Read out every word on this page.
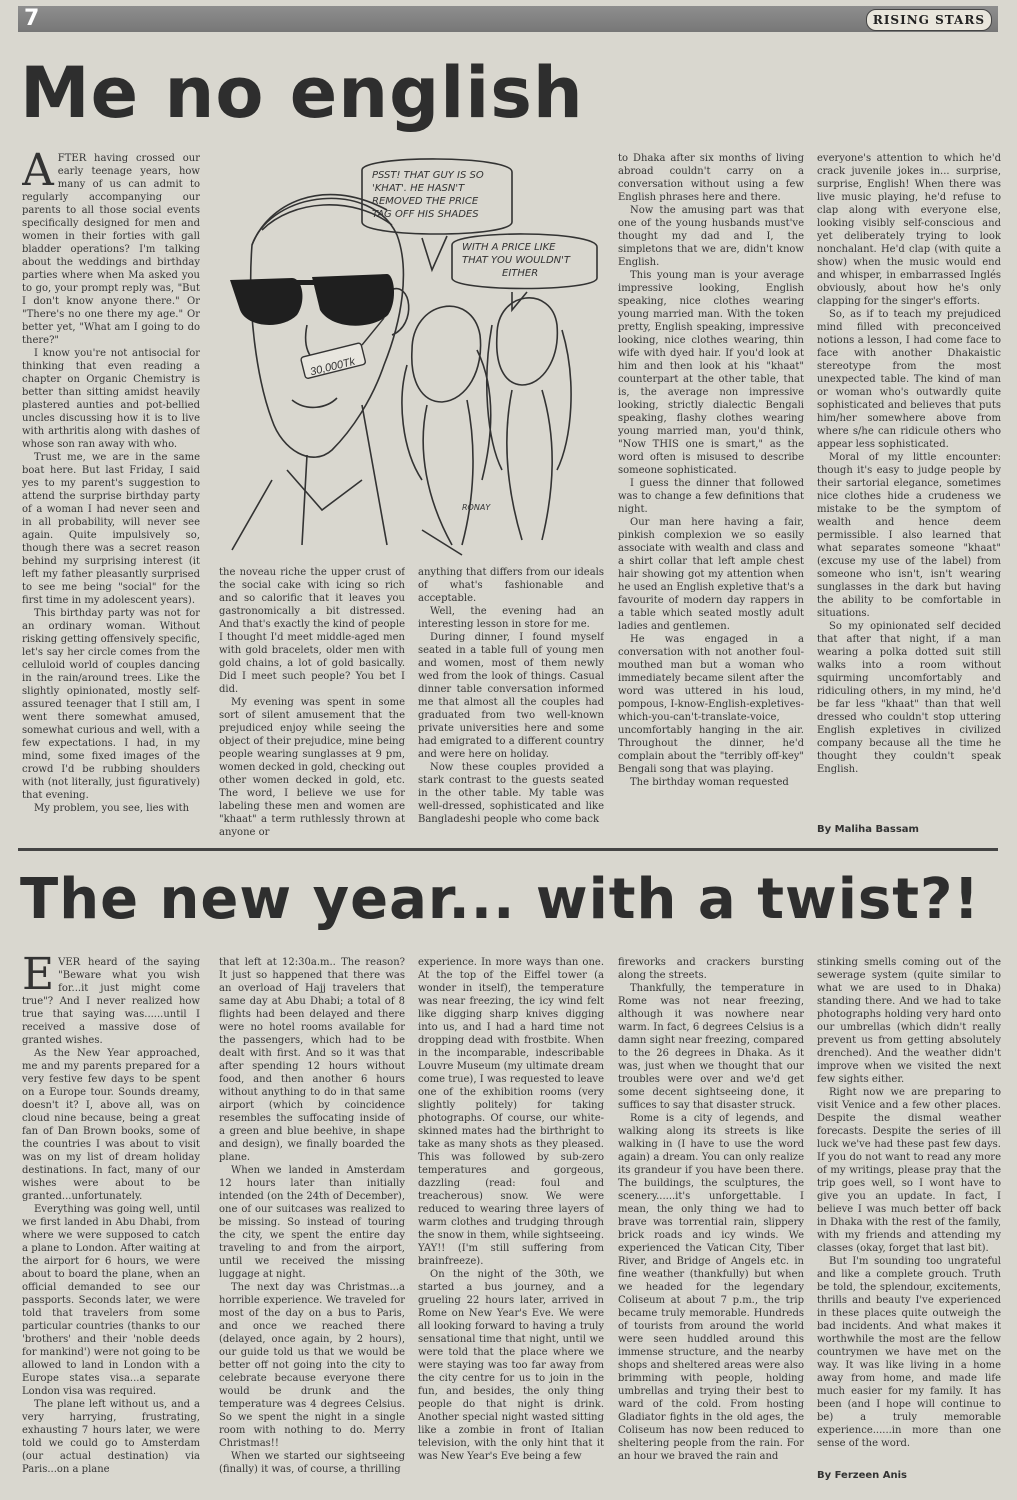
7	RISING STARS
Me no english
A FTER having crossed our early teenage years, how many of us can admit to regularly accompanying our parents to all those social events specifically designed for men and women in their forties with gall bladder operations? I'm talking about the weddings and birthday parties where when Ma asked you to go, your prompt reply was, "But I don't know anyone there." Or "There's no one there my age." Or better yet, "What am I going to do there?"

I know you're not antisocial for thinking that even reading a chapter on Organic Chemistry is better than sitting amidst heavily plastered aunties and pot-bellied uncles discussing how it is to live with arthritis along with dashes of whose son ran away with who.

Trust me, we are in the same boat here. But last Friday, I said yes to my parent's suggestion to attend the surprise birthday party of a woman I had never seen and in all probability, will never see again. Quite impulsively so, though there was a secret reason behind my surprising interest (it left my father pleasantly surprised to see me being "social" for the first time in my adolescent years).

This birthday party was not for an ordinary woman. Without risking getting offensively specific, let's say her circle comes from the celluloid world of couples dancing in the rain/around trees. Like the slightly opinionated, mostly self-assured teenager that I still am, I went there somewhat amused, somewhat curious and well, with a few expectations. I had, in my mind, some fixed images of the crowd I'd be rubbing shoulders with (not literally, just figuratively) that evening.

My problem, you see, lies with

30,000Tk
PSST! THAT GUY IS SO
'KHAT'. HE HASN'T
REMOVED THE PRICE
TAG OFF HIS SHADES
WITH A PRICE LIKE
THAT YOU WOULDN'T
EITHER
RONAY

the noveau riche the upper crust of the social cake with icing so rich and so calorific that it leaves you gastronomically a bit distressed. And that's exactly the kind of people I thought I'd meet middle-aged men with gold bracelets, older men with gold chains, a lot of gold basically. Did I meet such people? You bet I did.

My evening was spent in some sort of silent amusement that the prejudiced enjoy while seeing the object of their prejudice, mine being people wearing sunglasses at 9 pm, women decked in gold, checking out other women decked in gold, etc. The word, I believe we use for labeling these men and women are "khaat" a term ruthlessly thrown at anyone or

anything that differs from our ideals of what's fashionable and acceptable.

Well, the evening had an interesting lesson in store for me.

During dinner, I found myself seated in a table full of young men and women, most of them newly wed from the look of things. Casual dinner table conversation informed me that almost all the couples had graduated from two well-known private universities here and some had emigrated to a different country and were here on holiday.

Now these couples provided a stark contrast to the guests seated in the other table. My table was well-dressed, sophisticated and like Bangladeshi people who come back

to Dhaka after six months of living abroad couldn't carry on a conversation without using a few English phrases here and there.

Now the amusing part was that one of the young husbands must've thought my dad and I, the simpletons that we are, didn't know English.

This young man is your average impressive looking, English speaking, nice clothes wearing young married man. With the token pretty, English speaking, impressive looking, nice clothes wearing, thin wife with dyed hair. If you'd look at him and then look at his "khaat" counterpart at the other table, that is, the average non impressive looking, strictly dialectic Bengali speaking, flashy clothes wearing young married man, you'd think, "Now THIS one is smart," as the word often is misused to describe someone sophisticated.

I guess the dinner that followed was to change a few definitions that night.

Our man here having a fair, pinkish complexion we so easily associate with wealth and class and a shirt collar that left ample chest hair showing got my attention when he used an English expletive that's a favourite of modern day rappers in a table which seated mostly adult ladies and gentlemen.

He was engaged in a conversation with not another foul-mouthed man but a woman who immediately became silent after the word was uttered in his loud, pompous, I-know-English-expletives-which-you-can't-translate-voice, uncomfortably hanging in the air. Throughout the dinner, he'd complain about the "terribly off-key" Bengali song that was playing.

The birthday woman requested

everyone's attention to which he'd crack juvenile jokes in... surprise, surprise, English! When there was live music playing, he'd refuse to clap along with everyone else, looking visibly self-conscious and yet deliberately trying to look nonchalant. He'd clap (with quite a show) when the music would end and whisper, in embarrassed Inglés obviously, about how he's only clapping for the singer's efforts.

So, as if to teach my prejudiced mind filled with preconceived notions a lesson, I had come face to face with another Dhakaistic stereotype from the most unexpected table. The kind of man or woman who's outwardly quite sophisticated and believes that puts him/her somewhere above from where s/he can ridicule others who appear less sophisticated.

Moral of my little encounter: though it's easy to judge people by their sartorial elegance, sometimes nice clothes hide a crudeness we mistake to be the symptom of wealth and hence deem permissible. I also learned that what separates someone "khaat" (excuse my use of the label) from someone who isn't, isn't wearing sunglasses in the dark but having the ability to be comfortable in situations.

So my opinionated self decided that after that night, if a man wearing a polka dotted suit still walks into a room without squirming uncomfortably and ridiculing others, in my mind, he'd be far less "khaat" than that well dressed who couldn't stop uttering English expletives in civilized company because all the time he thought they couldn't speak English.

By Maliha Bassam
The new year... with a twist?!
E VER heard of the saying "Beware what you wish for...it just might come true"? And I never realized how true that saying was......until I received a massive dose of granted wishes.

As the New Year approached, me and my parents prepared for a very festive few days to be spent on a Europe tour. Sounds dreamy, doesn't it? I, above all, was on cloud nine because, being a great fan of Dan Brown books, some of the countries I was about to visit was on my list of dream holiday destinations. In fact, many of our wishes were about to be granted...unfortunately.

Everything was going well, until we first landed in Abu Dhabi, from where we were supposed to catch a plane to London. After waiting at the airport for 6 hours, we were about to board the plane, when an official demanded to see our passports. Seconds later, we were told that travelers from some particular countries (thanks to our 'brothers' and their 'noble deeds for mankind') were not going to be allowed to land in London with a Europe states visa...a separate London visa was required.

The plane left without us, and a very harrying, frustrating, exhausting 7 hours later, we were told we could go to Amsterdam (our actual destination) via Paris...on a plane

that left at 12:30a.m.. The reason? It just so happened that there was an overload of Hajj travelers that same day at Abu Dhabi; a total of 8 flights had been delayed and there were no hotel rooms available for the passengers, which had to be dealt with first. And so it was that after spending 12 hours without food, and then another 6 hours without anything to do in that same airport (which by coincidence resembles the suffocating inside of a green and blue beehive, in shape and design), we finally boarded the plane.

When we landed in Amsterdam 12 hours later than initially intended (on the 24th of December), one of our suitcases was realized to be missing. So instead of touring the city, we spent the entire day traveling to and from the airport, until we received the missing luggage at night.

The next day was Christmas...a horrible experience. We traveled for most of the day on a bus to Paris, and once we reached there (delayed, once again, by 2 hours), our guide told us that we would be better off not going into the city to celebrate because everyone there would be drunk and the temperature was 4 degrees Celsius. So we spent the night in a single room with nothing to do. Merry Christmas!!

When we started our sightseeing (finally) it was, of course, a thrilling

experience. In more ways than one. At the top of the Eiffel tower (a wonder in itself), the temperature was near freezing, the icy wind felt like digging sharp knives digging into us, and I had a hard time not dropping dead with frostbite. When in the incomparable, indescribable Louvre Museum (my ultimate dream come true), I was requested to leave one of the exhibition rooms (very slightly politely) for taking photographs. Of course, our white-skinned mates had the birthright to take as many shots as they pleased. This was followed by sub-zero temperatures and gorgeous, dazzling (read: foul and treacherous) snow. We were reduced to wearing three layers of warm clothes and trudging through the snow in them, while sightseeing. YAY!! (I'm still suffering from brainfreeze).

On the night of the 30th, we started a bus journey, and a grueling 22 hours later, arrived in Rome on New Year's Eve. We were all looking forward to having a truly sensational time that night, until we were told that the place where we were staying was too far away from the city centre for us to join in the fun, and besides, the only thing people do that night is drink. Another special night wasted sitting like a zombie in front of Italian television, with the only hint that it was New Year's Eve being a few

fireworks and crackers bursting along the streets.

Thankfully, the temperature in Rome was not near freezing, although it was nowhere near warm. In fact, 6 degrees Celsius is a damn sight near freezing, compared to the 26 degrees in Dhaka. As it was, just when we thought that our troubles were over and we'd get some decent sightseeing done, it suffices to say that disaster struck.

Rome is a city of legends, and walking along its streets is like walking in (I have to use the word again) a dream. You can only realize its grandeur if you have been there. The buildings, the sculptures, the scenery......it's unforgettable. I mean, the only thing we had to brave was torrential rain, slippery brick roads and icy winds. We experienced the Vatican City, Tiber River, and Bridge of Angels etc. in fine weather (thankfully) but when we headed for the legendary Coliseum at about 7 p.m., the trip became truly memorable. Hundreds of tourists from around the world were seen huddled around this immense structure, and the nearby shops and sheltered areas were also brimming with people, holding umbrellas and trying their best to ward of the cold. From hosting Gladiator fights in the old ages, the Coliseum has now been reduced to sheltering people from the rain. For an hour we braved the rain and

stinking smells coming out of the sewerage system (quite similar to what we are used to in Dhaka) standing there. And we had to take photographs holding very hard onto our umbrellas (which didn't really prevent us from getting absolutely drenched). And the weather didn't improve when we visited the next few sights either.

Right now we are preparing to visit Venice and a few other places. Despite the dismal weather forecasts. Despite the series of ill luck we've had these past few days. If you do not want to read any more of my writings, please pray that the trip goes well, so I wont have to give you an update. In fact, I believe I was much better off back in Dhaka with the rest of the family, with my friends and attending my classes (okay, forget that last bit).

But I'm sounding too ungrateful and like a complete grouch. Truth be told, the splendour, excitements, thrills and beauty I've experienced in these places quite outweigh the bad incidents. And what makes it worthwhile the most are the fellow countrymen we have met on the way. It was like living in a home away from home, and made life much easier for my family. It has been (and I hope will continue to be) a truly memorable experience......in more than one sense of the word.

By Ferzeen Anis
